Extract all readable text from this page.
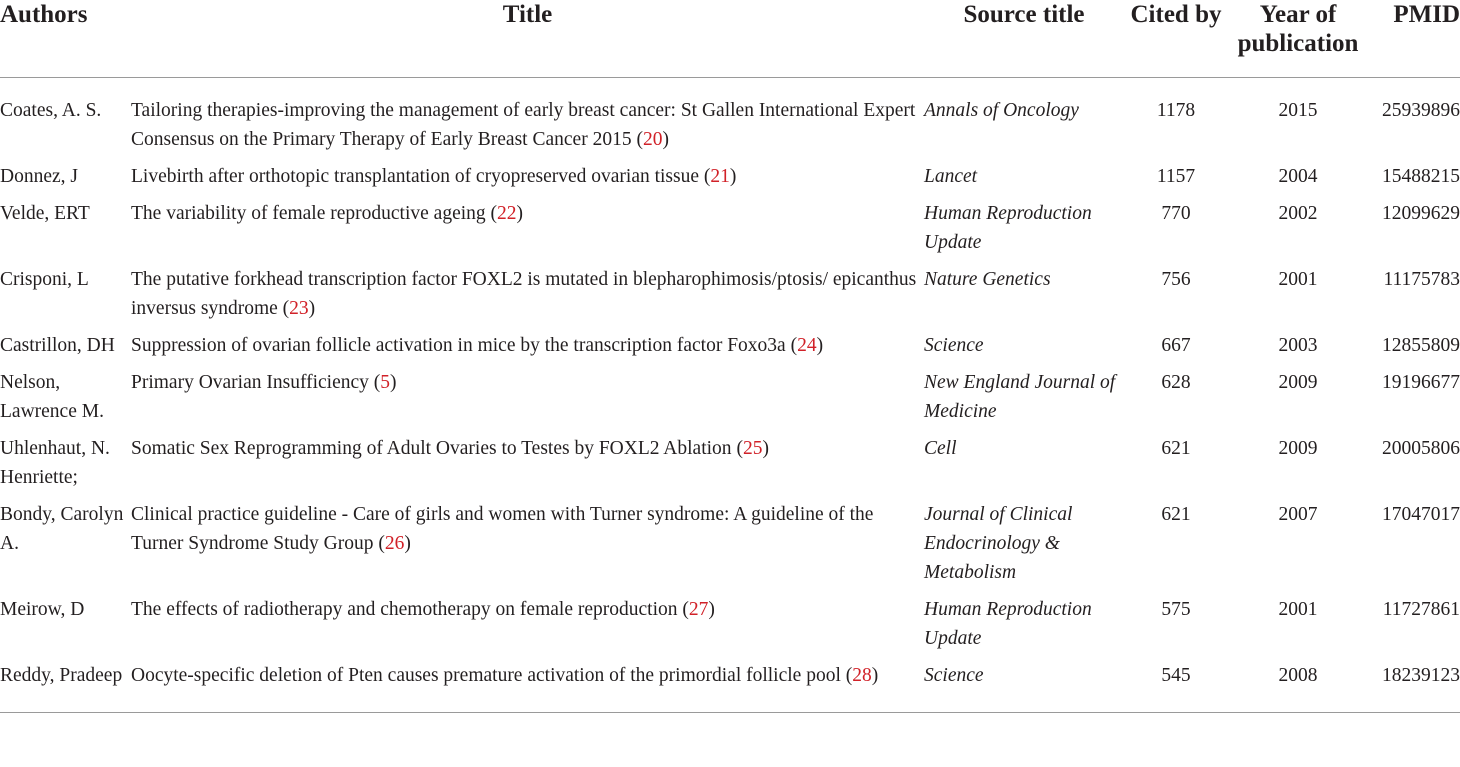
Authors	Title	Source title	Cited by	Year of publication	PMID
Coates, A. S.	Tailoring therapies-improving the management of early breast cancer: St Gallen International Expert Consensus on the Primary Therapy of Early Breast Cancer 2015 (20)	Annals of Oncology	1178	2015	25939896
Donnez, J	Livebirth after orthotopic transplantation of cryopreserved ovarian tissue (21)	Lancet	1157	2004	15488215
Velde, ERT	The variability of female reproductive ageing (22)	Human Reproduction Update	770	2002	12099629
Crisponi, L	The putative forkhead transcription factor FOXL2 is mutated in blepharophimosis/ptosis/ epicanthus inversus syndrome (23)	Nature Genetics	756	2001	11175783
Castrillon, DH	Suppression of ovarian follicle activation in mice by the transcription factor Foxo3a (24)	Science	667	2003	12855809
Nelson, Lawrence M.	Primary Ovarian Insufficiency (5)	New England Journal of Medicine	628	2009	19196677
Uhlenhaut, N. Henriette;	Somatic Sex Reprogramming of Adult Ovaries to Testes by FOXL2 Ablation (25)	Cell	621	2009	20005806
Bondy, Carolyn A.	Clinical practice guideline - Care of girls and women with Turner syndrome: A guideline of the Turner Syndrome Study Group (26)	Journal of Clinical Endocrinology & Metabolism	621	2007	17047017
Meirow, D	The effects of radiotherapy and chemotherapy on female reproduction (27)	Human Reproduction Update	575	2001	11727861
Reddy, Pradeep	Oocyte-specific deletion of Pten causes premature activation of the primordial follicle pool (28)	Science	545	2008	18239123
